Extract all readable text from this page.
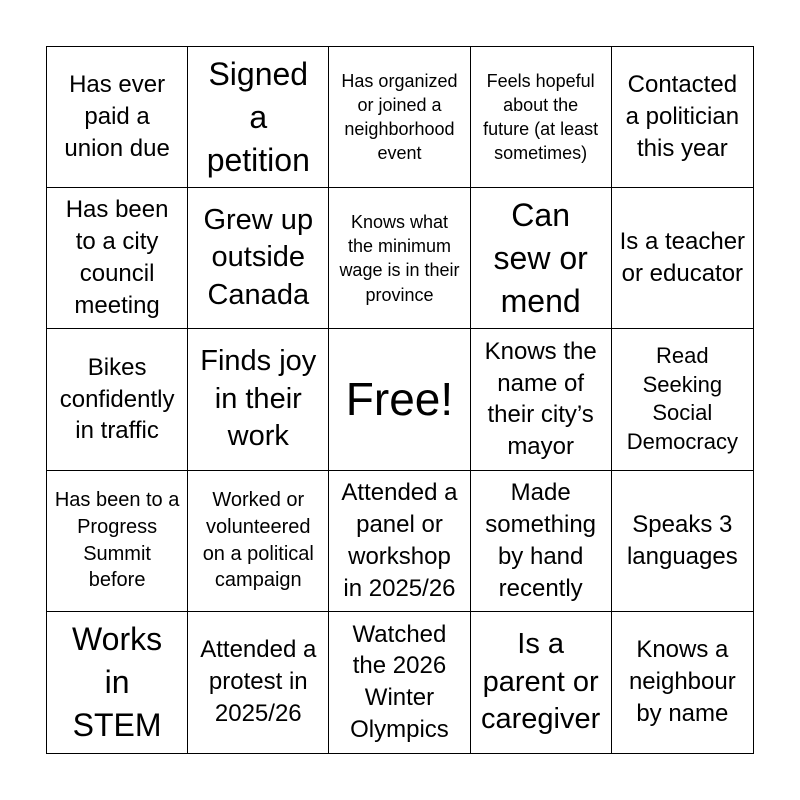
Has ever paid a union due
Signed a petition
Has organized or joined a neighborhood event
Feels hopeful about the future (at least sometimes)
Contacted a politician this year
Has been to a city council meeting
Grew up outside Canada
Knows what the minimum wage is in their province
Can sew or mend
Is a teacher or educator
Bikes confidently in traffic
Finds joy in their work
Free!
Knows the name of their city’s mayor
Read Seeking Social Democracy
Has been to a Progress Summit before
Worked or volunteered on a political campaign
Attended a panel or workshop in 2025/26
Made something by hand recently
Speaks 3 languages
Works in STEM
Attended a protest in 2025/26
Watched the 2026 Winter Olympics
Is a parent or caregiver
Knows a neighbour by name
